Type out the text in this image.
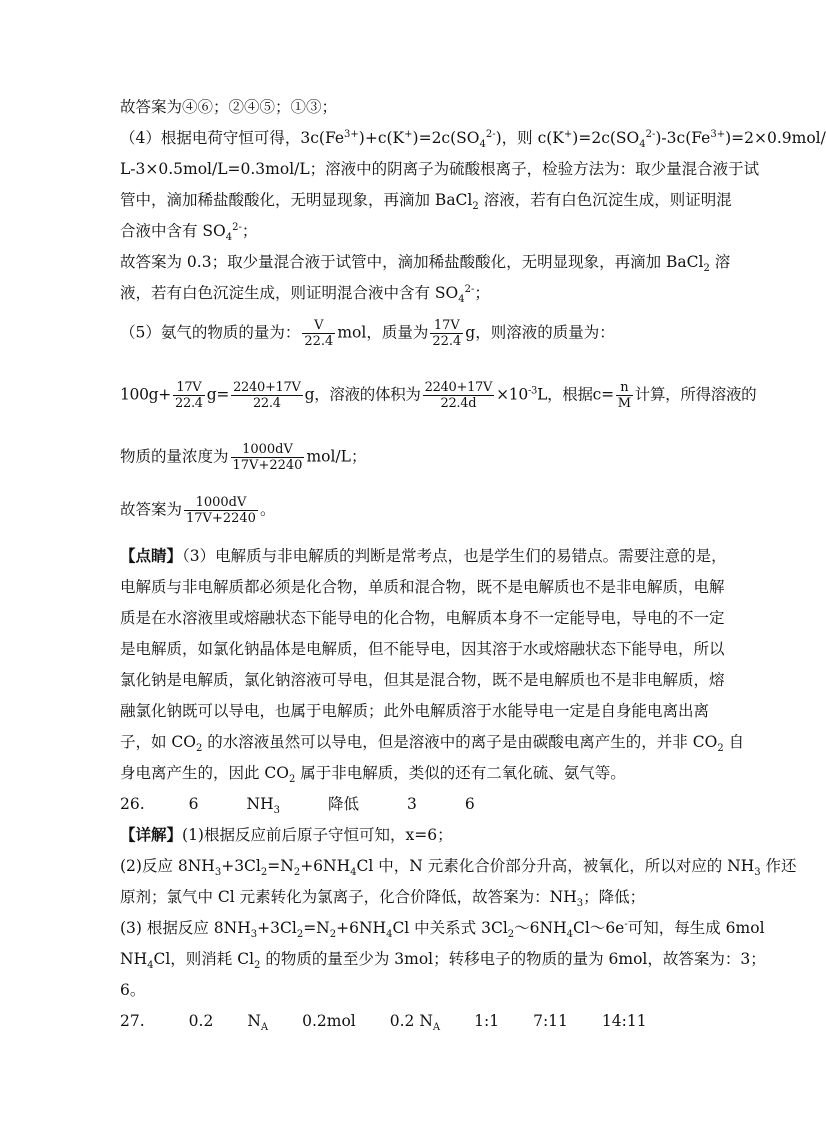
故答案为④⑥；②④⑤；①③；
（4）根据电荷守恒可得，$3c(Fe^{3+})+c(K^+)=2c(SO_4^{2-})$，则 $c(K^+)=2c(SO_4^{2-})-3c(Fe^{3+})=2\times 0.9mol/$
L-3×0.5mol/L=0.3mol/L；溶液中的阴离子为硫酸根离子，检验方法为：取少量混合液于试
管中，滴加稀盐酸酸化，无明显现象，再滴加 BaCl$_2$ 溶液，若有白色沉淀生成，则证明混
合液中含有 $SO_4^{2-}$；
故答案为 0.3；取少量混合液于试管中，滴加稀盐酸酸化，无明显现象，再滴加 BaCl$_2$ 溶
液，若有白色沉淀生成，则证明混合液中含有 $SO_4^{2-}$；
（5）氨气的物质的量为： $\frac{V}{22.4}$ mol，质量为 $\frac{17V}{22.4}$ g，则溶液的质量为：
$100g+ \frac{17V}{22.4} g= \frac{2240+17V}{22.4}$ g，溶液的体积为 $\frac{2240+17V}{22.4d} \times 10^{-3}L$，根据$c= \frac{n}{M}$ 计算，所得溶液的
物质的量浓度为 $\frac{1000dV}{17V+2240} mol/L$；
故答案为 $\frac{1000dV}{17V+2240}$ 。
【点睛】（3）电解质与非电解质的判断是常考点，也是学生们的易错点。需要注意的是，
电解质与非电解质都必须是化合物，单质和混合物，既不是电解质也不是非电解质，电解
质是在水溶液里或熔融状态下能导电的化合物，电解质本身不一定能导电，导电的不一定
是电解质，如氯化钠晶体是电解质，但不能导电，因其溶于水或熔融状态下能导电，所以
氯化钠是电解质，氯化钠溶液可导电，但其是混合物，既不是电解质也不是非电解质，熔
融氯化钠既可以导电，也属于电解质；此外电解质溶于水能导电一定是自身能电离出离
子，如 $CO_2$ 的水溶液虽然可以导电，但是溶液中的离子是由碳酸电离产生的，并非 $CO_2$ 自
身电离产生的，因此 $CO_2$ 属于非电解质，类似的还有二氧化硫、氨气等。
26.	6	$NH_3$	降低	3	6
【详解】(1)根据反应前后原子守恒可知，x=6；
(2)反应 $8NH_3+3Cl_2=N_2+6NH_4Cl$ 中，N 元素化合价部分升高，被氧化，所以对应的 $NH_3$ 作还
原剂；氯气中 Cl 元素转化为氯离子，化合价降低，故答案为：$NH_3$；降低；
(3) 根据反应 $8NH_3+3Cl_2=N_2+6NH_4Cl$ 中关系式 $3Cl_2\sim 6NH_4Cl\sim 6e^-$可知，每生成 6mol
$NH_4Cl$，则消耗 $Cl_2$ 的物质的量至少为 3mol；转移电子的物质的量为 6mol，故答案为：3；
6。
27.	0.2 $N_A$ 0.2mol 0.2 $N_A$ 1:1 7:11 14:11
